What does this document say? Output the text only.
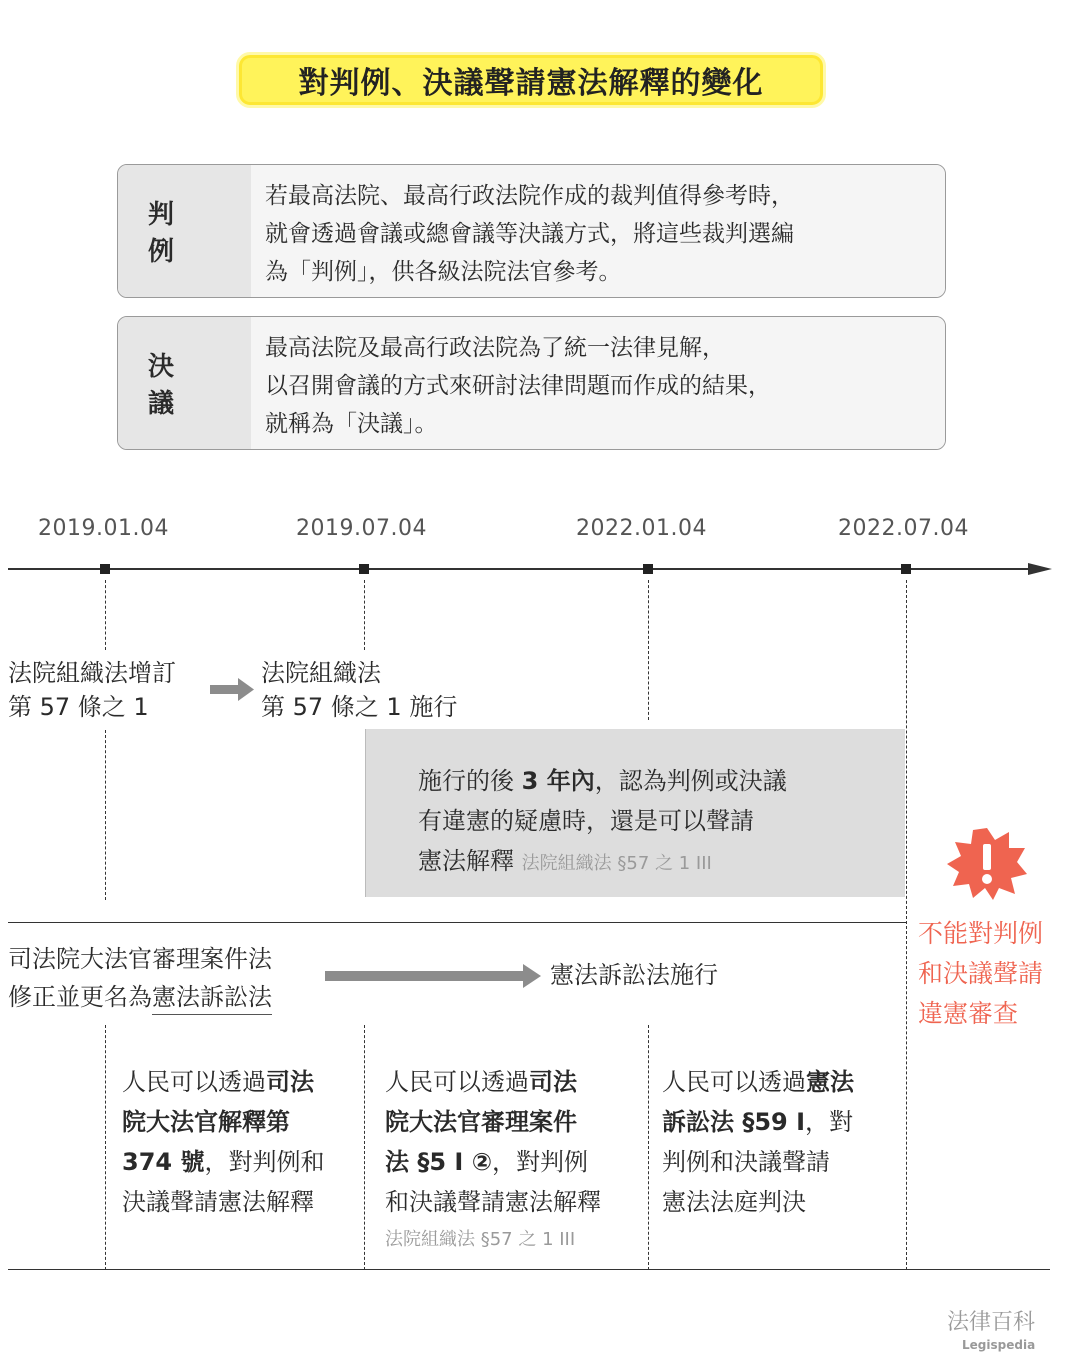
對判例、決議聲請憲法解釋的變化
判例
若最高法院、最高行政法院作成的裁判值得參考時，
就會透過會議或總會議等決議方式，將這些裁判選編
為「判例」，供各級法院法官參考。
決議
最高法院及最高行政法院為了統一法律見解，
以召開會議的方式來研討法律問題而作成的結果，
就稱為「決議」。
2019.01.04	2019.07.04	2022.01.04	2022.07.04
法院組織法增訂
第 57 條之 1
法院組織法
第 57 條之 1 施行
施行的後 3 年內，認為判例或決議
有違憲的疑慮時，還是可以聲請
憲法解釋 法院組織法 §57 之 1 III
不能對判例
和決議聲請
違憲審查
司法院大法官審理案件法
修正並更名為憲法訴訟法
憲法訴訟法施行
人民可以透過司法
院大法官解釋第
374 號，對判例和
決議聲請憲法解釋
人民可以透過司法
院大法官審理案件
法 §5 I ②，對判例
和決議聲請憲法解釋
法院組織法 §57 之 1 III
人民可以透過憲法
訴訟法 §59 I，對
判例和決議聲請
憲法法庭判決
法律百科
Legispedia
